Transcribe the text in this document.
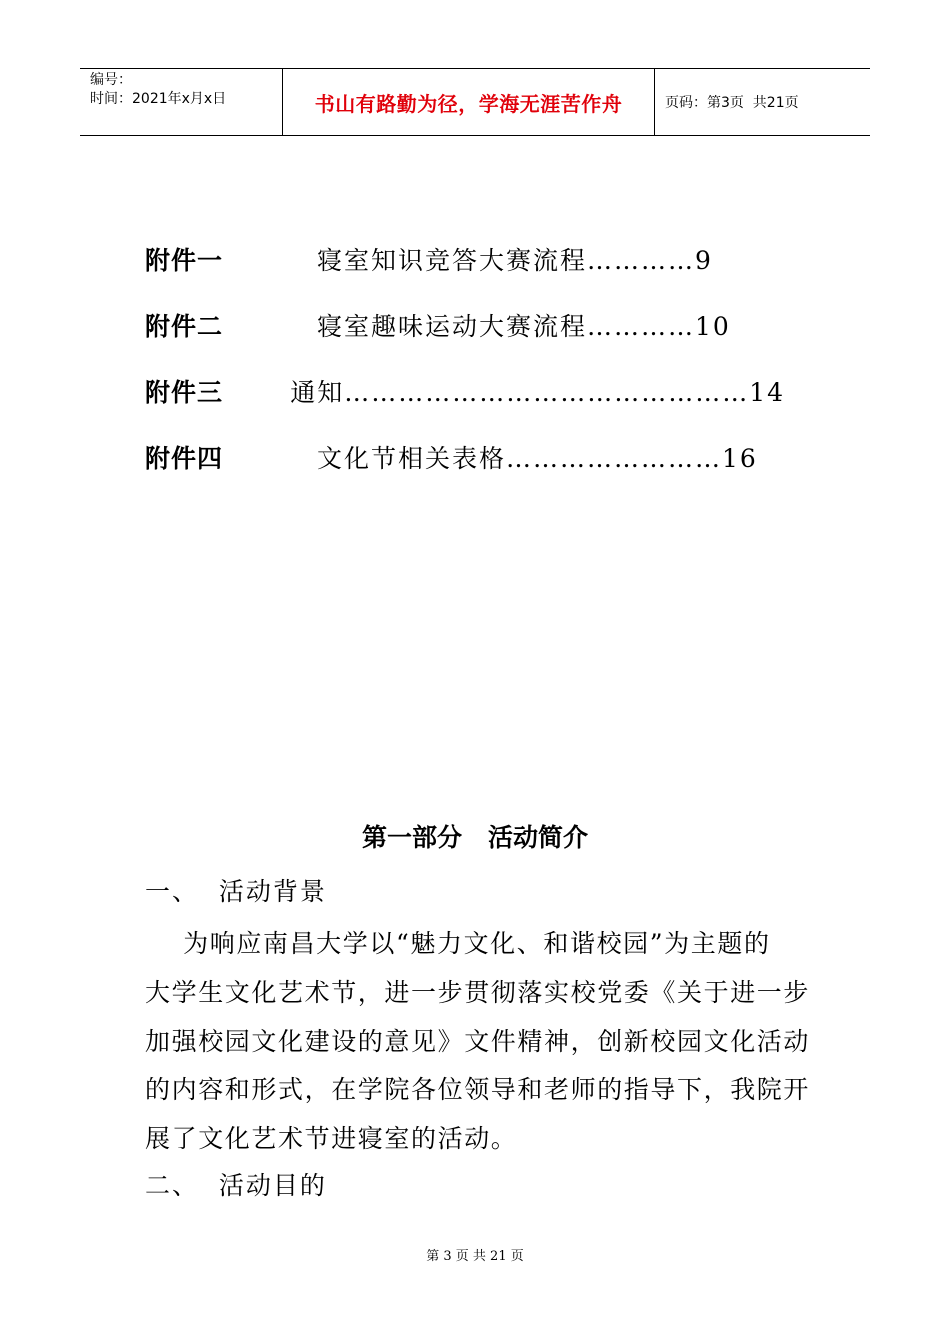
编号：
时间：2021年x月x日	书山有路勤为径，学海无涯苦作舟	页码：第3页  共21页
附件一	寝室知识竞答大赛流程…………9
附件二	寝室趣味运动大赛流程…………10
附件三	通知………………………………………14
附件四	文化节相关表格……………………16
第一部分   活动简介
一、  活动背景
为响应南昌大学以“魅力文化、和谐校园”为主题的
大学生文化艺术节，进一步贯彻落实校党委《关于进一步
加强校园文化建设的意见》文件精神，创新校园文化活动
的内容和形式，在学院各位领导和老师的指导下，我院开
展了文化艺术节进寝室的活动。
二、  活动目的
第 3 页 共 21 页
